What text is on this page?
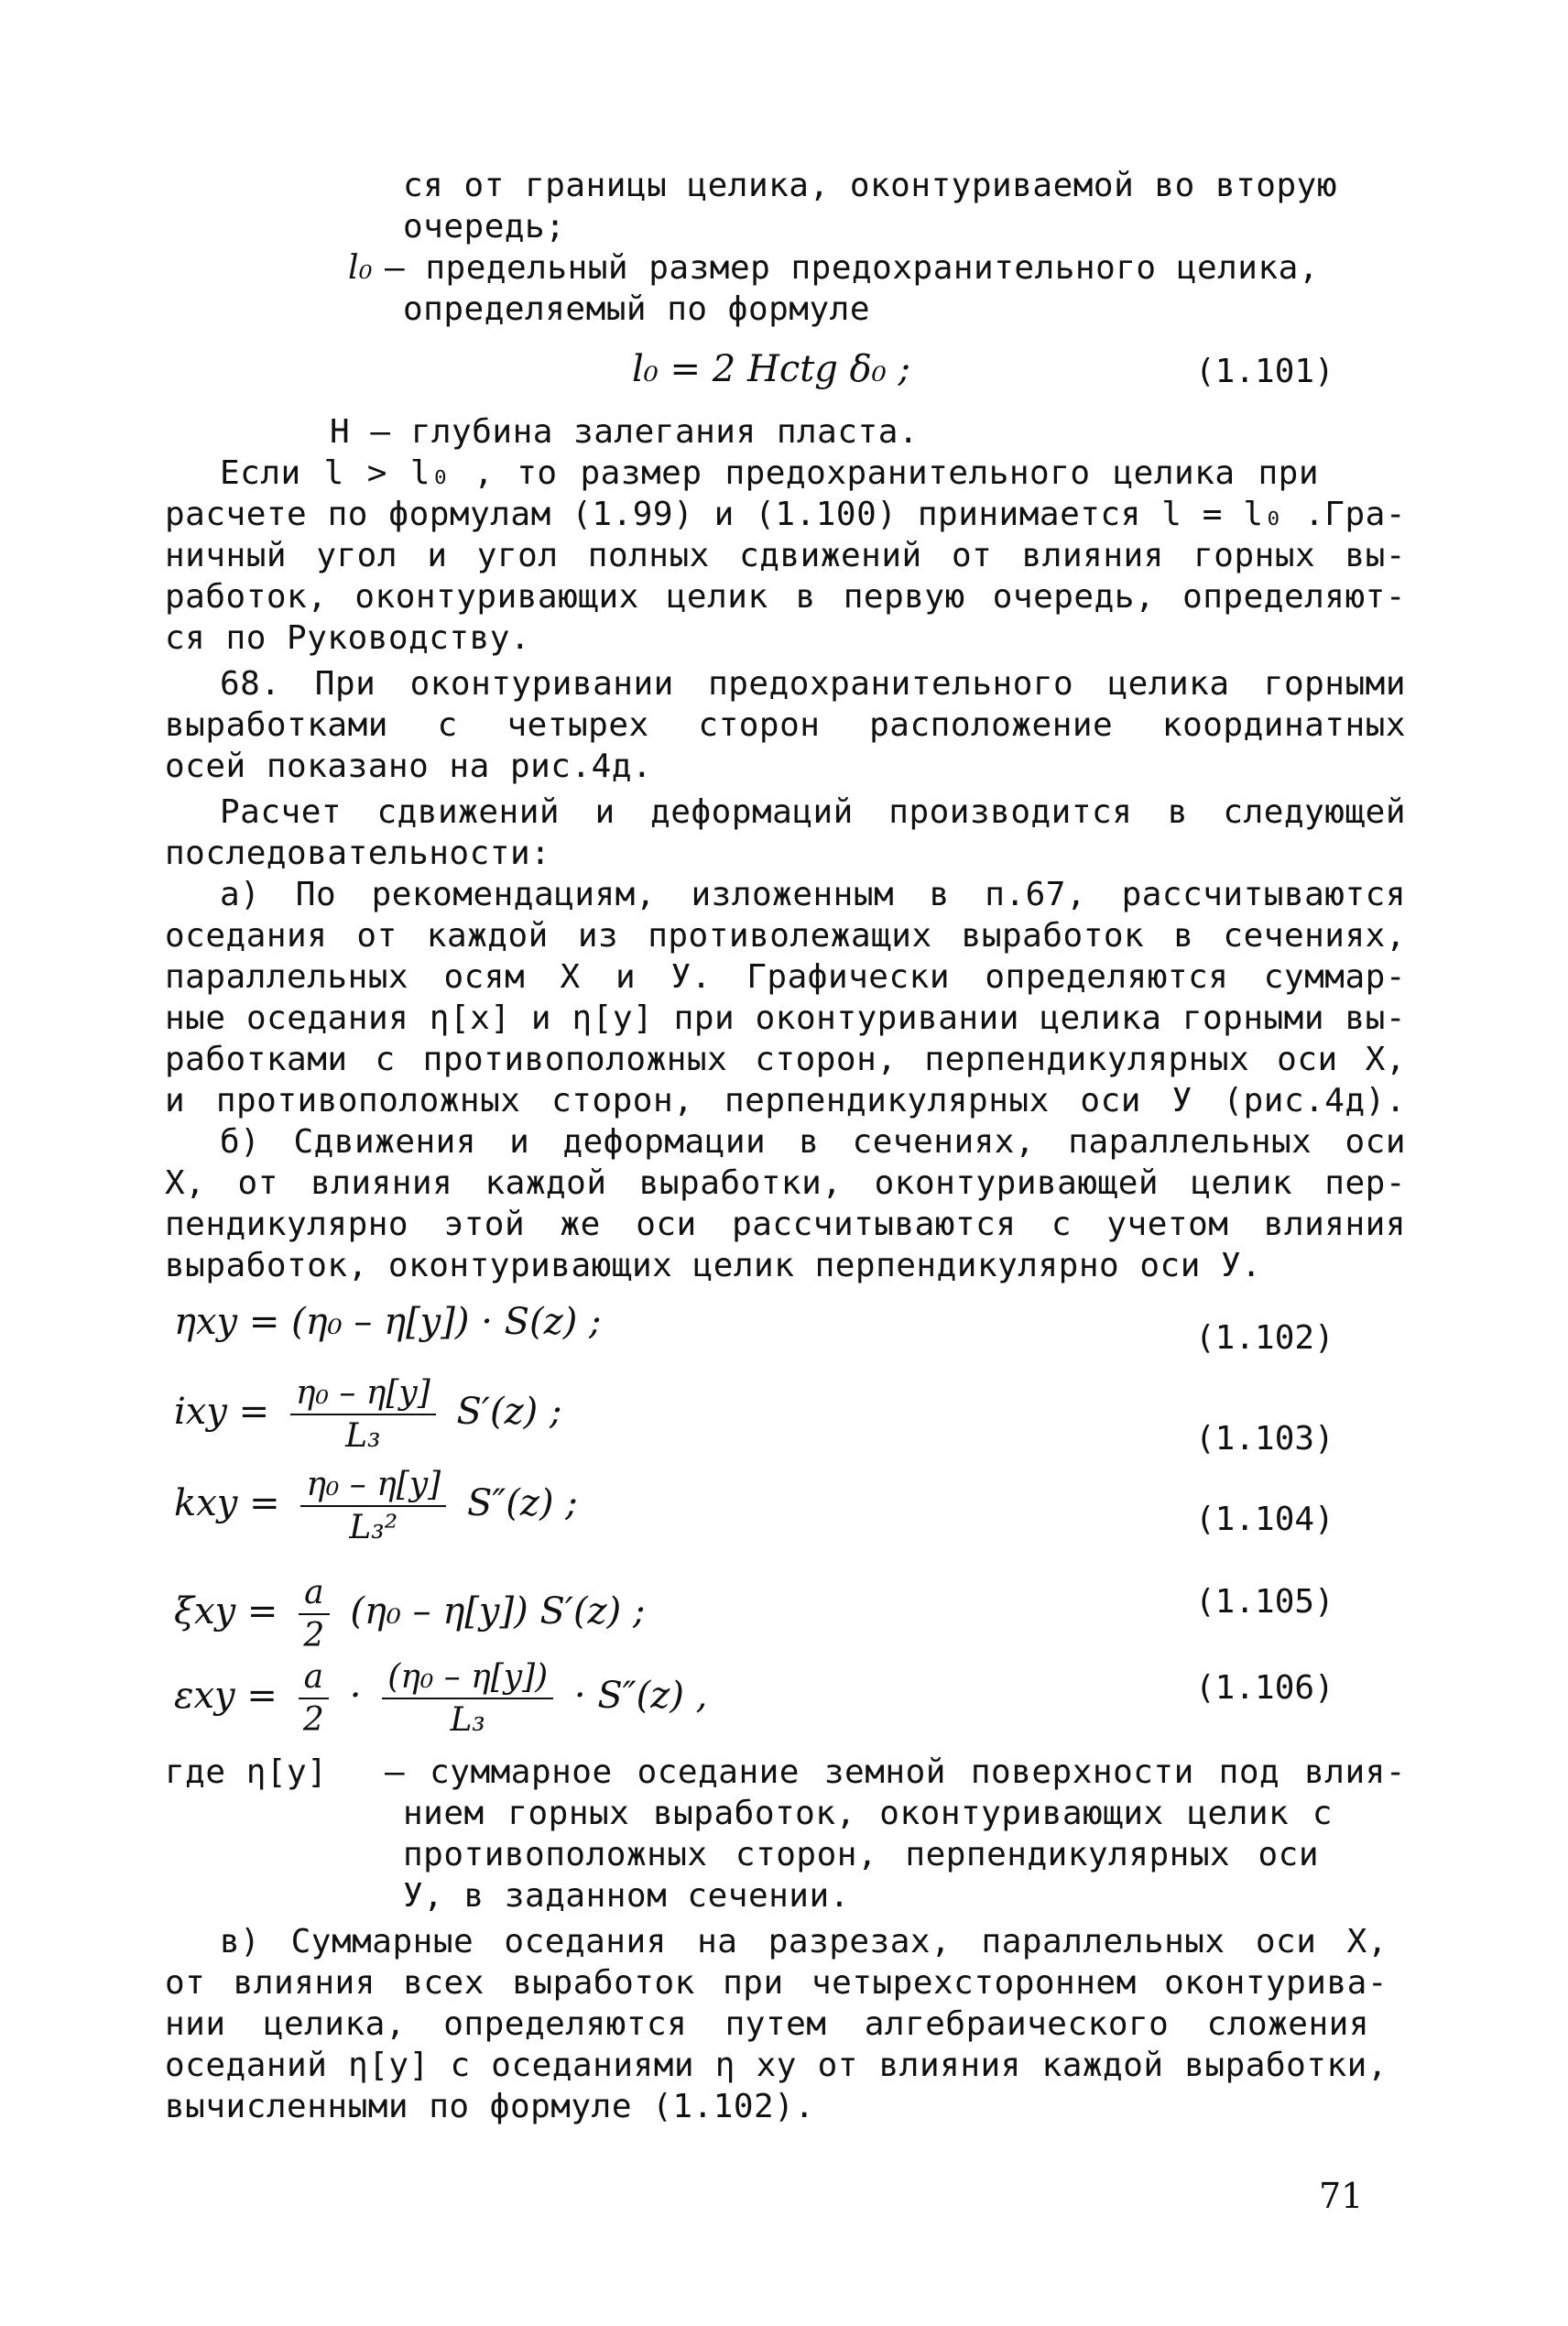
ся от границы целика, оконтуриваемой во вторую
очередь;
l₀ – предельный размер предохранительного целика,
определяемый по формуле
l₀ = 2 Hctg δ₀ ;	(1.101)
Н – глубина залегания пласта.
Если l > l₀ , то размер предохранительного целика при
расчете по формулам (1.99) и (1.100) принимается l = l₀ .Гра-
ничный угол и угол полных сдвижений от влияния горных вы-
работок, оконтуривающих целик в первую очередь, определяют-
ся по Руководству.
68. При оконтуривании предохранительного целика горными
выработками с четырех сторон расположение координатных
осей показано на рис.4д.
Расчет сдвижений и деформаций производится в следующей
последовательности:
а) По рекомендациям, изложенным в п.67, рассчитываются
оседания от каждой из противолежащих выработок в сечениях,
параллельных осям Х и У. Графически определяются суммар-
ные оседания η[x] и η[y] при оконтуривании целика горными вы-
работками с противоположных сторон, перпендикулярных оси Х,
и противоположных сторон, перпендикулярных оси У (рис.4д).
б) Сдвижения и деформации в сечениях, параллельных оси
Х, от влияния каждой выработки, оконтуривающей целик пер-
пендикулярно этой же оси рассчитываются с учетом влияния
выработок, оконтуривающих целик перпендикулярно оси У.
ηxy = (η₀ – η[y]) · S(z) ;	(1.102)
ixy = $\frac{\text{η₀ – η[y]}}{\text{L₃}} S'(z)$ ;
(1.103)
kxy = $\frac{\text{η₀ – η[y]}}{\text{L₃²}} S''(z)$ ;	(1.104)
$\xi xy = \frac{a}{2} (\eta_0 - \eta[y])$ S′(z) ;	(1.105)
$\varepsilon xy = \frac{a}{2} \cdot \frac{\text{(η₀ – η[y])}}{\text{L₃}} \cdot S''(z)$ ,	(1.106)
где η[y] – суммарное оседание земной поверхности под влия-
нием горных выработок, оконтуривающих целик с
противоположных сторон, перпендикулярных оси
У, в заданном сечении.
в) Суммарные оседания на разрезах, параллельных оси Х,
от влияния всех выработок при четырехстороннем оконтурива-
нии целика, определяются путем алгебраического сложения
оседаний η[y] с оседаниями η xy от влияния каждой выработки,
вычисленными по формуле (1.102).
71
